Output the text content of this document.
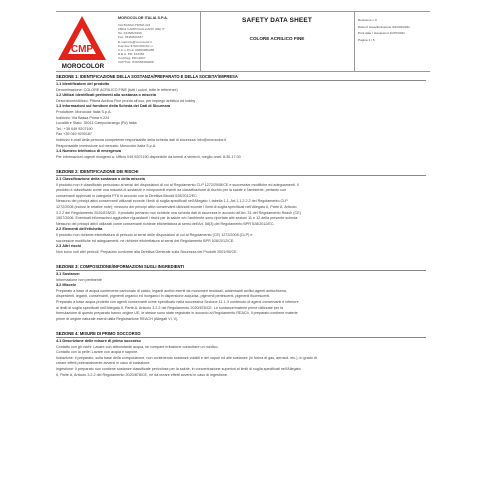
CMP
MOROCOLOR
MOROCOLOR ITALIA S.P.A.
VIA BASSA PRIMA 224
28011 CAMPOGALLIANO (RE) IT
Tel. 0445/820190
Fax. 0445/820187
E-mail:info@morocolor.it
Cap.Soc.€ 500.000,00 i.v.
C.F. e P.iva: 00653980288
R.E.A. PD: 123454
Cod.Reg. PD/11667
VAT/TVA: IT00653980288
SAFETY DATA SHEET
COLORE ACRILICO FINE
Revisione n.0
Data of issue/Emissione 3/11/04/2021
Print date / stampato il 11/07/2021
Pagina 1 / 8
SEZIONE 1: IDENTIFICAZIONE DELLA SOSTANZA/PREPARATO E DELLA SOCIETA'/IMPRESA
1.1 Identificatore del prodotto
Denominazione: COLORE ACRILICO FINE (tutti i colori, tutte le referenze)
1.2 Utilizzi identificati pertinenti alla sostanza o miscela
Descrizione/utilizzo: Pittura Acrilica Fine pronta all'uso, per impiego artistico ed hobby
1.3 Informazioni sul fornitore della Scheda dei Dati di Sicurezza
Produttore: Morocolor Italia S.p.A.
Indirizzo: Via Bassa Prima n.224
Località e Stato: 35011 Campodarsego (Pd) Italia
Tel.: +39 049 9207190
Fax +39 049 9200187
Indirizzo e-mail della persona competente responsabile della scheda dati di sicurezza: info@morocolor.it
Responsabile immissione sul mercato: Morocolor Italia S.p.A.
1.4 Numero telefonico di emergenza
Per informazioni urgenti rivolgersi a: Ufficio 049 9207190 disponibile da lunedì a venerdì, meglio orari: 8:30-17:30
SEZIONE 2: IDENTIFICAZIONE DEI RISCHI
2.1 Classificazione della sostanza o della miscela
Il prodotto non è classificato pericoloso ai sensi del disposizioni di cui al Regolamento CLP 1272/2008/CE e successive modifiche ed adeguamenti. Il
prodotto è classificato come una miscela di sostanze e componenti esenti da classificazione di rischio per la salute e l'ambiente, pertanto con
conservanti approvati in categoria PT6 in accordo con la Direttiva Biocidi 528/2012/EC.
Nessuno dei principi attivi conservanti utilizzati eccede i limiti di soglia specificati nell'Allegato I, tabella 1.1, Art.1.1.2.2.2 del Regolamento CLP
1272/2008 (inclusi le relative note); nessuno dei principi attivi conservanti utilizzati eccede i limiti di soglia specificati nell'Allegato II, Parte A, Articolo
3.2.2 del Regolamento 2020/878/CE. Il prodotto pertanto non richiede una scheda dati di sicurezza in accordo all'Art. 31 del Regolamento Reach (CE)
1907/2006. Eventuali informazioni aggiuntive riguardanti i rischi per la salute e/o l'ambiente sono riportate alle sezioni 11 e 12 della presente scheda.
Nessuno dei principi attivi utilizzati come conservanti richiede etichettatura ai sensi dell'Art. 58(3) del Regolamento BPR 528/2012/EC.
2.2 Elementi dell'etichetta
Il prodotto non richiede etichettatura di pericolo ai sensi delle disposizioni di cui al Regolamento (CE) 1272/2008 (CLP) e
successive modifiche ed adeguamenti, né richiede etichettatura ai sensi del Regolamento BPR 528/2012/CE.
2.3 Altri rischi
Non sono noti altri pericoli. Preparato conforme alla Direttiva Generale sulla Sicurezza dei Prodotti 2001/95/CE.
SEZIONE 3: COMPOSIZIONE/INFORMAZIONI SUGLI INGREDIENTI
3.1 Sostanze:
Informazione non pertinente
3.2 Miscele
Preparato a base di acqua contenente carbonato di calcio, leganti acrilici esenti da monomeri residuali, addensanti acrilici,agenti antischiuma,
disperdenti, leganti, conservanti, pigmenti organici ed inorganici in dispersione acquosa, pigmenti perlescenti, pigmenti fluorescenti.
Preparato a base acqua protetto con agenti conservanti come specificato nella successiva Sezione 11.1; il contenuto di agenti conservanti è inferiore
ai limiti di soglia specificati nell'Allegato II, Parte A, Articolo 3.2.2 del Regolamento 2020/878/CE. Le sostanze/materie prime utilizzate per la
formulazione di questo preparato hanno origine UE, le stesse sono state registrate in accordo al Regolamento REACh. Il preparato contiene materie
prime di origine naturale esenti dalla Registrazione REACH (Allegati VI, V).
SEZIONE 4: MISURE DI PRIMO SOCCORSO
4.1 Descrizione delle misure di primo soccorso
Contatto con gli occhi: Lavare con abbondante acqua, se compare irritazione consultare un medico.
Contatto con la pelle: Lavare con acqua e sapone.
Inalazione: il preparato, sulla base della composizione, non contenendo sostanze volatili e dei vapori ed alle sostanze (in forma di gas, aerosol, etc.), in grado di
creare effetti potenzialmente avversi in caso di inalazione.
Ingestione: Il preparato non contiene sostanze classificate pericolose per la salute, in concentrazione superiori ai limiti di soglia specificati nell'Allegato
II, Parte A, Articolo 3.2.2 del Regolamento 2020/878/CE, né da creare effetti avversi in caso di ingestione.
